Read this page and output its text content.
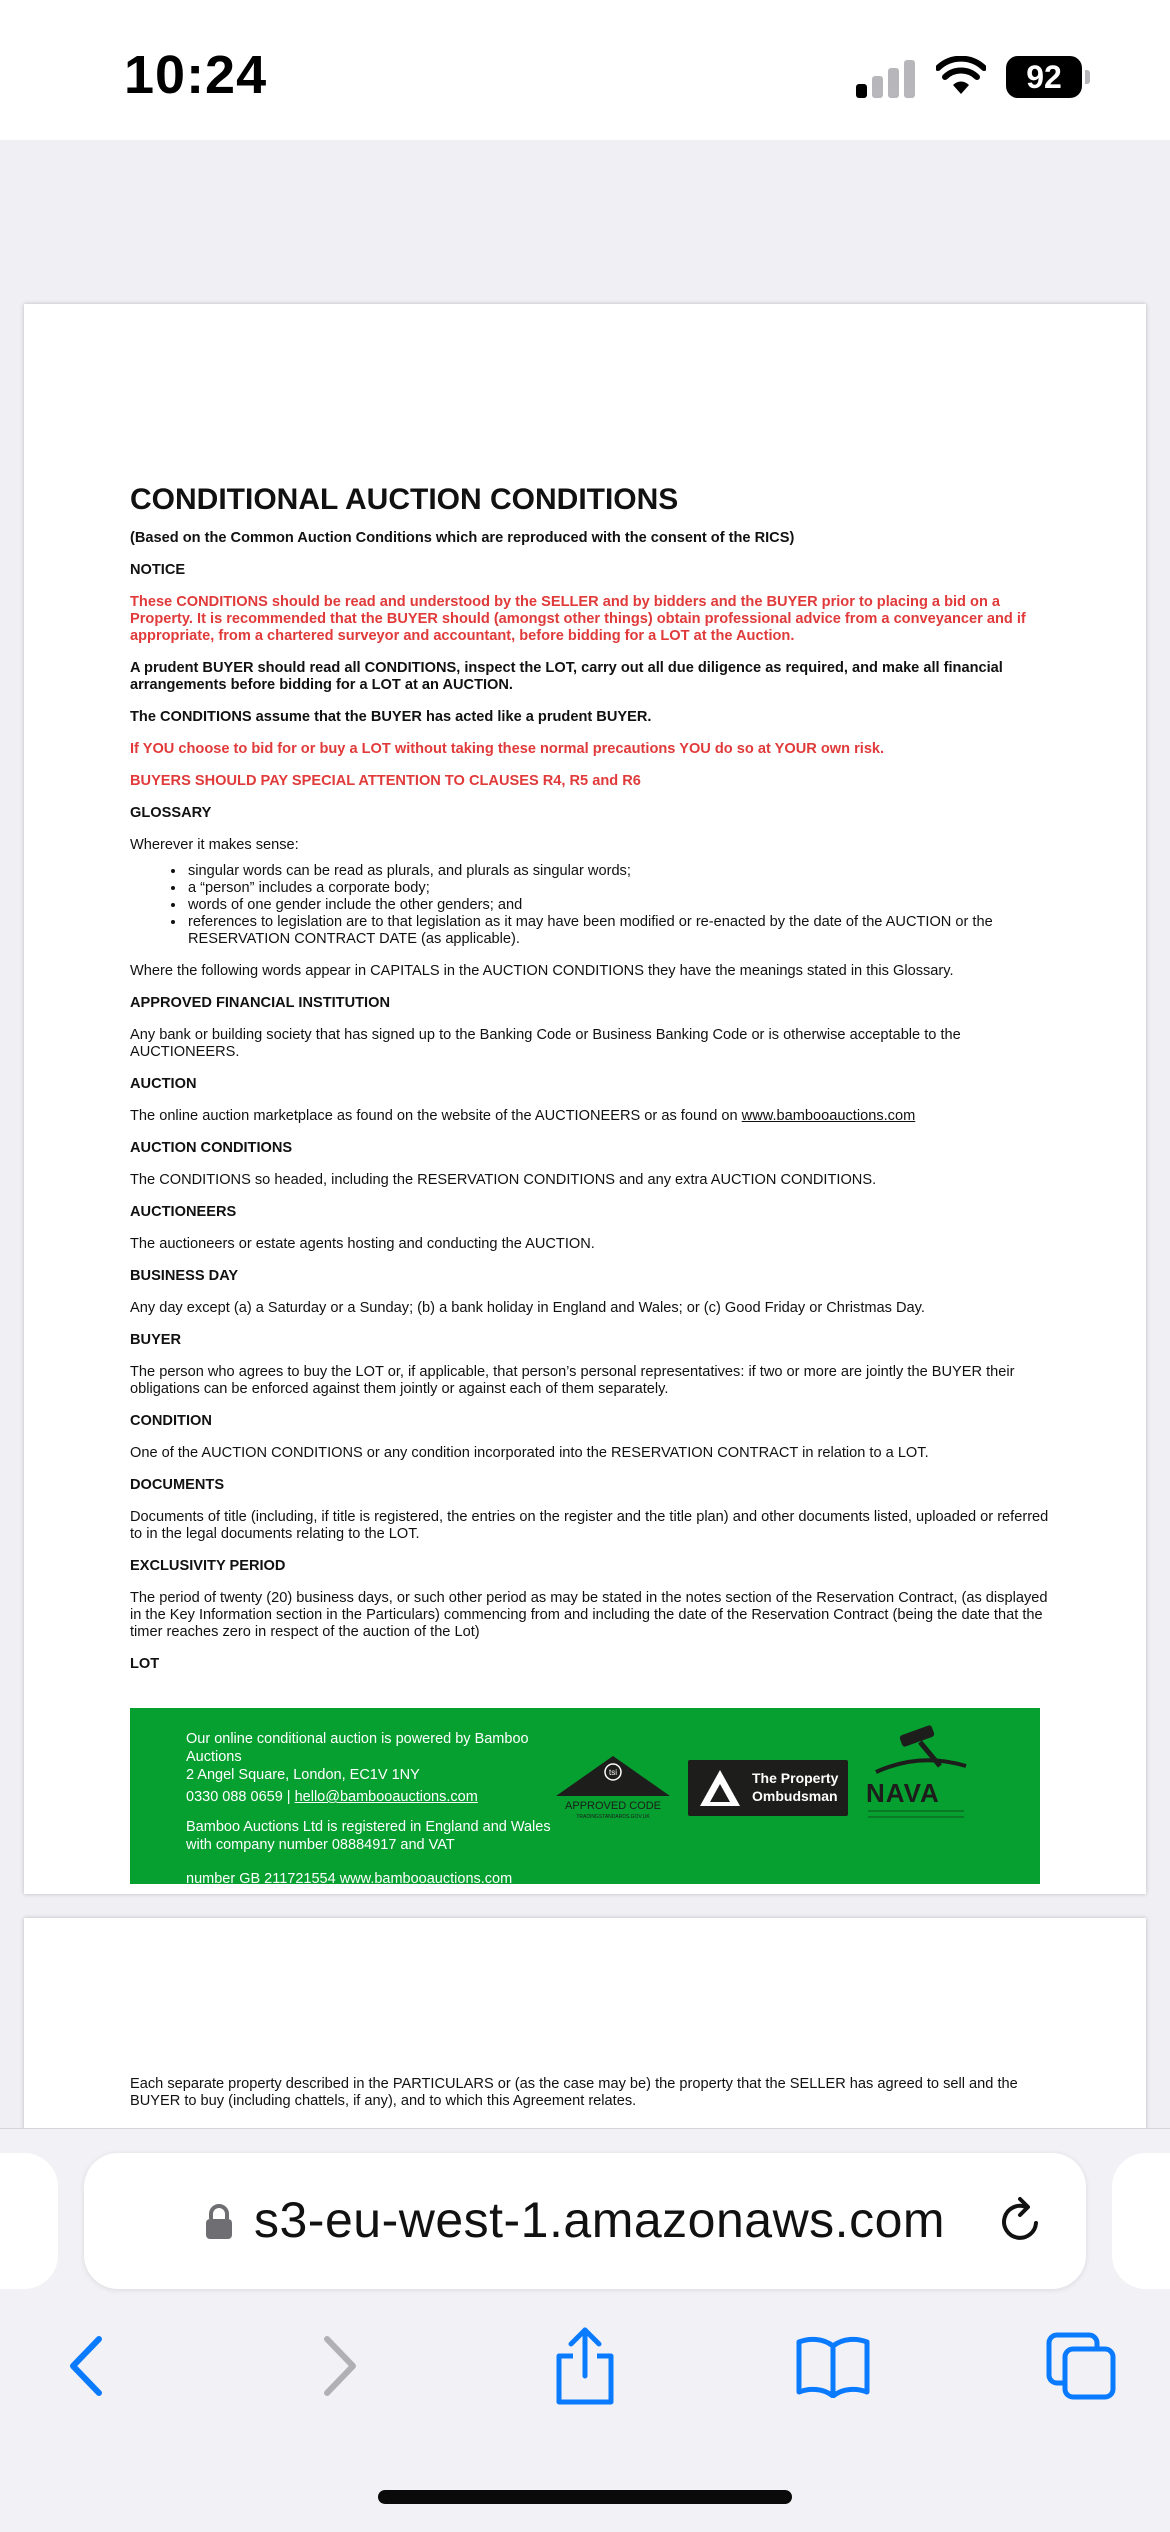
10:24	92
CONDITIONAL AUCTION CONDITIONS

(Based on the Common Auction Conditions which are reproduced with the consent of the RICS)

NOTICE

These CONDITIONS should be read and understood by the SELLER and by bidders and the BUYER prior to placing a bid on a Property. It is recommended that the BUYER should (amongst other things) obtain professional advice from a conveyancer and if appropriate, from a chartered surveyor and accountant, before bidding for a LOT at the Auction.

A prudent BUYER should read all CONDITIONS, inspect the LOT, carry out all due diligence as required, and make all financial arrangements before bidding for a LOT at an AUCTION.

The CONDITIONS assume that the BUYER has acted like a prudent BUYER.

If YOU choose to bid for or buy a LOT without taking these normal precautions YOU do so at YOUR own risk.

BUYERS SHOULD PAY SPECIAL ATTENTION TO CLAUSES R4, R5 and R6

GLOSSARY

Wherever it makes sense:

• singular words can be read as plurals, and plurals as singular words;
• a “person” includes a corporate body;
• words of one gender include the other genders; and
• references to legislation are to that legislation as it may have been modified or re-enacted by the date of the AUCTION or the RESERVATION CONTRACT DATE (as applicable).

Where the following words appear in CAPITALS in the AUCTION CONDITIONS they have the meanings stated in this Glossary.

APPROVED FINANCIAL INSTITUTION

Any bank or building society that has signed up to the Banking Code or Business Banking Code or is otherwise acceptable to the AUCTIONEERS.

AUCTION

The online auction marketplace as found on the website of the AUCTIONEERS or as found on www.bambooauctions.com

AUCTION CONDITIONS

The CONDITIONS so headed, including the RESERVATION CONDITIONS and any extra AUCTION CONDITIONS.

AUCTIONEERS

The auctioneers or estate agents hosting and conducting the AUCTION.

BUSINESS DAY

Any day except (a) a Saturday or a Sunday; (b) a bank holiday in England and Wales; or (c) Good Friday or Christmas Day.

BUYER

The person who agrees to buy the LOT or, if applicable, that person’s personal representatives: if two or more are jointly the BUYER their obligations can be enforced against them jointly or against each of them separately.

CONDITION

One of the AUCTION CONDITIONS or any condition incorporated into the RESERVATION CONTRACT in relation to a LOT.

DOCUMENTS

Documents of title (including, if title is registered, the entries on the register and the title plan) and other documents listed, uploaded or referred to in the legal documents relating to the LOT.

EXCLUSIVITY PERIOD

The period of twenty (20) business days, or such other period as may be stated in the notes section of the Reservation Contract, (as displayed in the Key Information section in the Particulars) commencing from and including the date of the Reservation Contract (being the date that the timer reaches zero in respect of the auction of the Lot)

LOT

Our online conditional auction is powered by Bamboo Auctions

2 Angel Square, London, EC1V 1NY

0330 088 0659 | hello@bambooauctions.com

Bamboo Auctions Ltd is registered in England and Wales with company number 08884917 and VAT

number GB 211721554 www.bambooauctions.com

tsi
APPROVED CODE
TRADINGSTANDARDS.GOV.UK
The Property Ombudsman	NAVA
Each separate property described in the PARTICULARS or (as the case may be) the property that the SELLER has agreed to sell and the BUYER to buy (including chattels, if any), and to which this Agreement relates.
s3-eu-west-1.amazonaws.com
